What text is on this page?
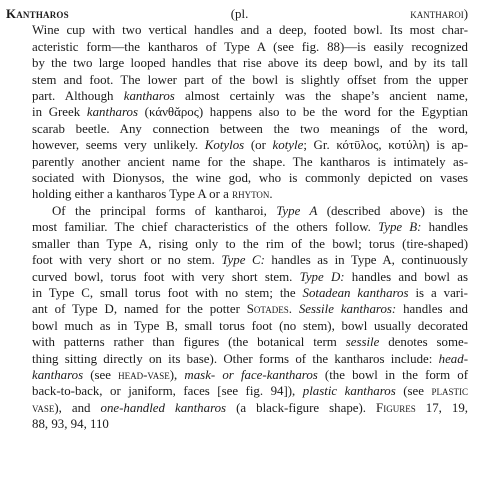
Kantharos (pl. kantharoi)
Wine cup with two vertical handles and a deep, footed bowl. Its most char-
acteristic form—the kantharos of Type A (see fig. 88)—is easily recognized
by the two large looped handles that rise above its deep bowl, and by its tall
stem and foot. The lower part of the bowl is slightly offset from the upper
part. Although kantharos almost certainly was the shape’s ancient name,
in Greek kantharos (κάνθᾰρος) happens also to be the word for the Egyptian
scarab beetle. Any connection between the two meanings of the word,
however, seems very unlikely. Kotylos (or kotyle; Gr. κότῡλος, κοτύλη) is ap-
parently another ancient name for the shape. The kantharos is intimately as-
sociated with Dionysos, the wine god, who is commonly depicted on vases
holding either a kantharos Type A or a rhyton.
Of the principal forms of kantharoi, Type A (described above) is the
most familiar. The chief characteristics of the others follow. Type B: handles
smaller than Type A, rising only to the rim of the bowl; torus (tire-shaped)
foot with very short or no stem. Type C: handles as in Type A, continuously
curved bowl, torus foot with very short stem. Type D: handles and bowl as
in Type C, small torus foot with no stem; the Sotadean kantharos is a vari-
ant of Type D, named for the potter Sotades. Sessile kantharos: handles and
bowl much as in Type B, small torus foot (no stem), bowl usually decorated
with patterns rather than figures (the botanical term sessile denotes some-
thing sitting directly on its base). Other forms of the kantharos include: head-
kantharos (see head-vase), mask- or face-kantharos (the bowl in the form of
back-to-back, or janiform, faces [see fig. 94]), plastic kantharos (see plastic
vase), and one-handled kantharos (a black-figure shape). Figures 17, 19,
88, 93, 94, 110
